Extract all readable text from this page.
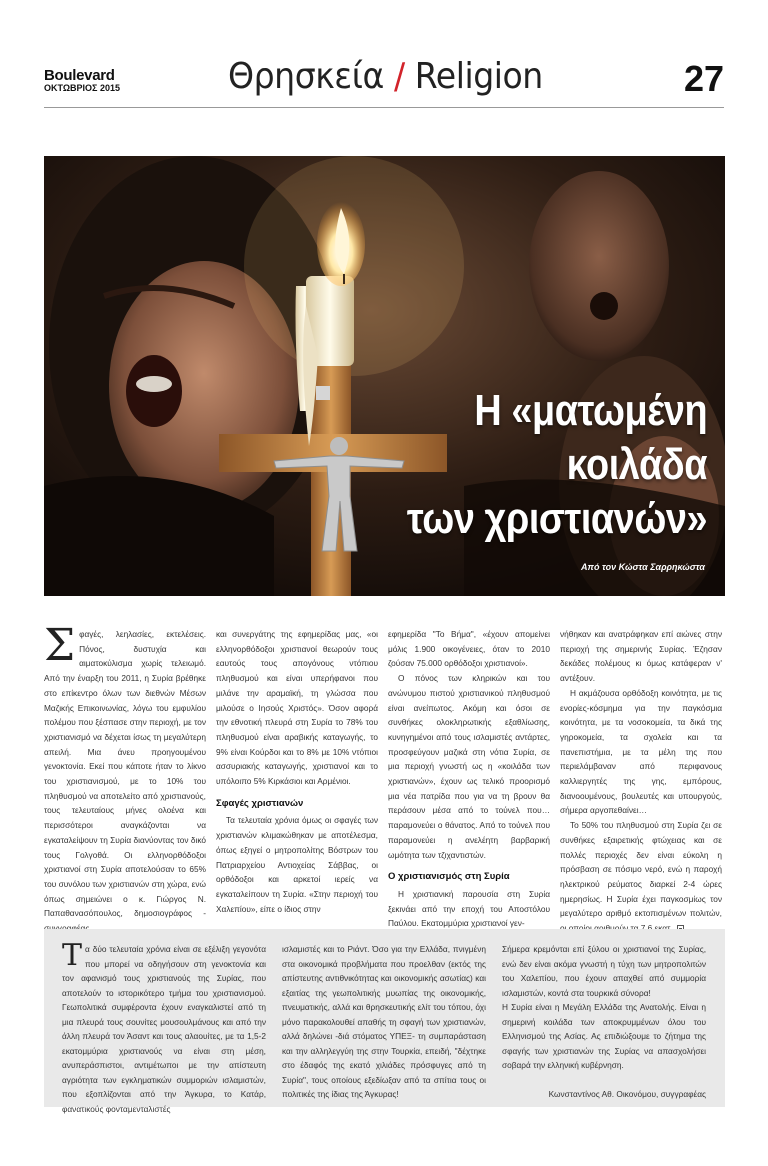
Boulevard
ΟΚΤΩΒΡΙΟΣ 2015	Θρησκεία / Religion	27
Η «ματωμένη
κοιλάδα
των χριστιανών»
Από τον Κώστα Σαρρηκώστα

Σφαγές, λεηλασίες, εκτελέσεις. Πόνος, δυστυχία και αιματοκύλισμα χωρίς τελειωμό. Από την έναρξη του 2011, η Συρία βρέθηκε στο επίκεντρο όλων των διεθνών Μέσων Μαζικής Επικοινωνίας, λόγω του εμφυλίου πολέμου που ξέσπασε στην περιοχή, με τον χριστιανισμό να δέχεται ίσως τη μεγαλύτερη απειλή. Μια άνευ προηγουμένου γενοκτονία. Εκεί που κάποτε ήταν το λίκνο του χριστιανισμού, με το 10% του πληθυσμού να αποτελείτο από χριστιανούς, τους τελευταίους μήνες ολοένα και περισσότεροι αναγκάζονται να εγκαταλείψουν τη Συρία διανύοντας τον δικό τους Γολγοθά. Οι ελληνορθόδοξοι χριστιανοί στη Συρία αποτελούσαν το 65% του συνόλου των χριστιανών στη χώρα, ενώ όπως σημειώνει ο κ. Γιώργος Ν. Παπαθανασόπουλος, δημοσιογράφος -

και συνεργάτης της εφημερίδας μας, «οι ελληνορθόδοξοι χριστιανοί θεωρούν τους εαυτούς τους απογόνους ντόπιου πληθυσμού και είναι υπερήφανοι που μιλάνε την αραμαϊκή, τη γλώσσα που μιλούσε ο Ιησούς Χριστός». Όσον αφορά την εθνοτική πλευρά στη Συρία το 78% του πληθυσμού είναι αραβικής καταγωγής, το 9% είναι Κούρδοι και το 8% με 10% ντόπιοι ασσυριακής καταγωγής, χριστιανοί και το υπόλοιπο 5% Κιρκάσιοι και Αρμένιοι.

Σφαγές χριστιανών

Τα τελευταία χρόνια όμως οι σφαγές των χριστιανών κλιμακώθηκαν με αποτέλεσμα, όπως εξηγεί ο μητροπολίτης Βόστρων του Πατριαρχείου Αντιοχείας Σάββας, οι ορθόδοξοι και αρκετοί ιερείς να εγκαταλείπουν τη Συρία. «Στην περιοχή του Χαλεπίου», είπε ο ίδιος στην

εφημερίδα "Το Βήμα", «έχουν απομείνει μόλις 1.900 οικογένειες, όταν το 2010 ζούσαν 75.000 ορθόδοξοι χριστιανοί».

Ο πόνος των κληρικών και του ανώνυμου πιστού χριστιανικού πληθυσμού είναι ανείπωτος. Ακόμη και όσοι σε συνθήκες ολοκληρωτικής εξαθλίωσης, κυνηγημένοι από τους ισλαμιστές αντάρτες, προσφεύγουν μαζικά στη νότια Συρία, σε μια περιοχή γνωστή ως η «κοιλάδα των χριστιανών», έχουν ως τελικό προορισμό μια νέα πατρίδα που για να τη βρουν θα περάσουν μέσα από το τούνελ που… παραμονεύει ο θάνατος. Από το τούνελ που παραμονεύει η ανελέητη βαρβαρική ωμότητα των τζιχαντιστών.

Ο χριστιανισμός στη Συρία

Η χριστιανική παρουσία στη Συρία ξεκινάει από την εποχή του Αποστόλου Παύλου. Εκατομμύρια χριστιανοί γεν-

νήθηκαν και ανατράφηκαν επί αιώνες στην περιοχή της σημερινής Συρίας. Έζησαν δεκάδες πολέμους κι όμως κατάφεραν ν' αντέξουν.

Η ακμάζουσα ορθόδοξη κοινότητα, με τις ενορίες-κόσμημα για την παγκόσμια κοινότητα, με τα νοσοκομεία, τα δικά της γηροκομεία, τα σχολεία και τα πανεπιστήμια, με τα μέλη της που περιελάμβαναν από περιφανους καλλιεργητές της γης, εμπόρους, διανοουμένους, βουλευτές και υπουργούς, σήμερα αργοπεθαίνει…

Το 50% του πληθυσμού στη Συρία ζει σε συνθήκες εξαιρετικής φτώχειας και σε πολλές περιοχές δεν είναι εύκολη η πρόσβαση σε πόσιμο νερό, ενώ η παροχή ηλεκτρικού ρεύματος διαρκεί 2-4 ώρες ημερησίως. Η Συρία έχει παγκοσμίως τον μεγαλύτερο αριθμό εκτοπισμένων πολιτών,

Τα δύο τελευταία χρόνια είναι σε εξέλιξη γεγονότα που μπορεί να οδηγήσουν στη γενοκτονία και τον αφανισμό τους χριστιανούς της Συρίας, που αποτελούν το ιστορικότερο τμήμα του χριστιανισμού. Γεωπολιτικά συμφέροντα έχουν εναγκαλιστεί από τη μια πλευρά τους σουνίτες μουσουλμάνους και από την άλλη πλευρά τον Άσαντ και τους αλαουίτες, με τα 1,5-2 εκατομμύρια χριστιανούς να είναι στη μέση, ανυπεράσπιστοι, αντιμέτωποι με την απίστευτη αγριότητα των εγκληματικών συμμοριών ισλαμιστών, που εξοπλίζονται από την Άγκυρα, το Κατάρ, φανατικούς φονταμενταλιστές

ισλαμιστές και το Ριάντ. Όσο για την Ελλάδα, πνιγμένη στα οικονομικά προβλήματα που προελθαν (εκτός της απίστευτης αντιθνικότητας και οικονομικής ασωτίας) και εξαιτίας της γεωπολιτικής μυωπίας της οικονομικής, πνευματικής, αλλά και θρησκευτικής ελίτ του τόπου, όχι μόνο παρακολουθεί απαθής τη σφαγή των χριστιανών, αλλά δηλώνει -διά στόματος ΥΠΕΞ- τη συμπαράσταση και την αλληλεγγύη της στην Τουρκία, επειδή, "δέχτηκε στο έδαφός της εκατό χιλιάδες πρόσφυγες από τη Συρία", τους οποίους εξεδίωξαν από τα σπίτια τους οι πολιτικές της ίδιας της Άγκυρας!

Σήμερα κρεμόνται επί ξύλου οι χριστιανοί της Συρίας, ενώ δεν είναι ακόμα γνωστή η τύχη των μητροπολιτών του Χαλεπίου, που έχουν απαχθεί από συμμορία ισλαμιστών, κοντά στα τουρκικά σύνορα!

Η Συρία είναι η Μεγάλη Ελλάδα της Ανατολής. Είναι η σημερινή κοιλάδα των αποκρυμμένων όλου του Ελληνισμού της Ασίας. Ας επιδιώξουμε το ζήτημα της σφαγής των χριστιανών της Συρίας να απασχολήσει σοβαρά την ελληνική κυβέρνηση.

Κωνσταντίνος Αθ. Οικονόμου, συγγραφέας
